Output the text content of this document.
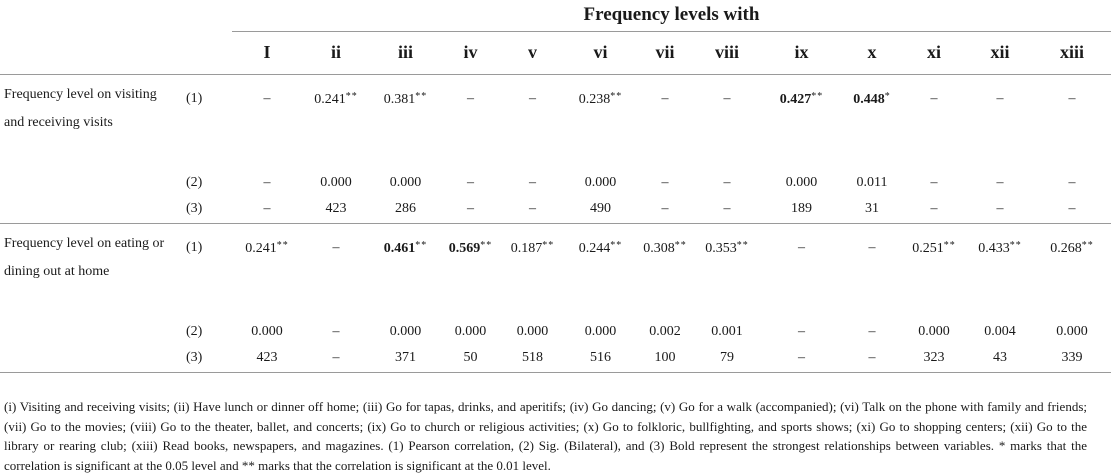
		Frequency levels with												
		I	ii	iii	iv	v	vi	vii	viii	ix	x	xi	xii	xiii
Frequency level on visiting and receiving visits	(1)	–	0.241**	0.381**	–	–	0.238**	–	–	0.427**	0.448*	–	–	–
	(2)	–	0.000	0.000	–	–	0.000	–	–	0.000	0.011	–	–	–
	(3)	–	423	286	–	–	490	–	–	189	31	–	–	–
Frequency level on eating or dining out at home	(1)	0.241**	–	0.461**	0.569**	0.187**	0.244**	0.308**	0.353**	–	–	0.251**	0.433**	0.268**
	(2)	0.000	–	0.000	0.000	0.000	0.000	0.002	0.001	–	–	0.000	0.004	0.000
	(3)	423	–	371	50	518	516	100	79	–	–	323	43	339
(i) Visiting and receiving visits; (ii) Have lunch or dinner off home; (iii) Go for tapas, drinks, and aperitifs; (iv) Go dancing; (v) Go for a walk (accompanied); (vi) Talk on the phone with family and friends; (vii) Go to the movies; (viii) Go to the theater, ballet, and concerts; (ix) Go to church or religious activities; (x) Go to folkloric, bullfighting, and sports shows; (xi) Go to shopping centers; (xii) Go to the library or rearing club; (xiii) Read books, newspapers, and magazines. (1) Pearson correlation, (2) Sig. (Bilateral), and (3) Bold represent the strongest relationships between variables. * marks that the correlation is significant at the 0.05 level and ** marks that the correlation is significant at the 0.01 level.
